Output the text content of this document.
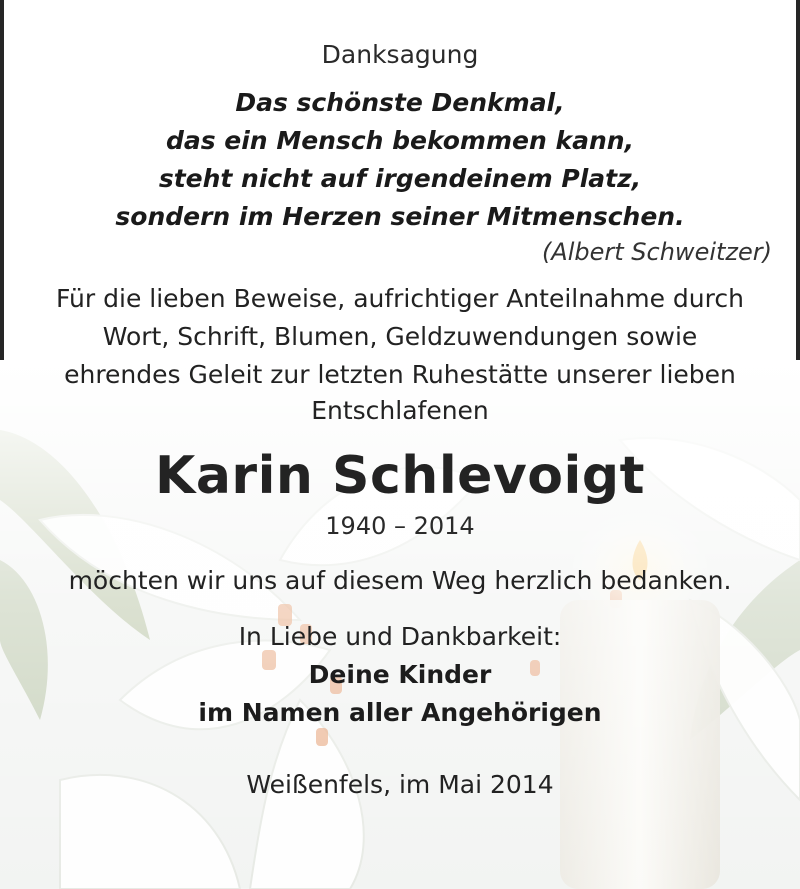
Danksagung
Das schönste Denkmal,
das ein Mensch bekommen kann,
steht nicht auf irgendeinem Platz,
sondern im Herzen seiner Mitmenschen.
(Albert Schweitzer)
Für die lieben Beweise, aufrichtiger Anteilnahme durch
Wort, Schrift, Blumen, Geldzuwendungen sowie
ehrendes Geleit zur letzten Ruhestätte unserer lieben
Entschlafenen
Karin Schlevoigt
1940 – 2014
möchten wir uns auf diesem Weg herzlich bedanken.
In Liebe und Dankbarkeit:
Deine Kinder
im Namen aller Angehörigen
Weißenfels, im Mai 2014
